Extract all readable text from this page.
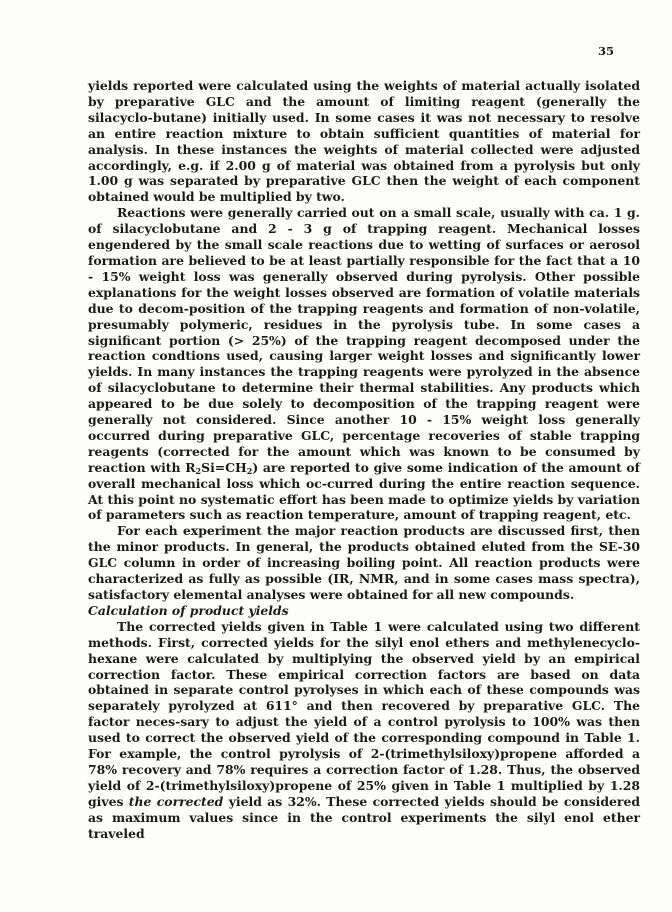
35

yields reported were calculated using the weights of material actually isolated by preparative GLC and the amount of limiting reagent (generally the silacyclo-butane) initially used. In some cases it was not necessary to resolve an entire reaction mixture to obtain sufficient quantities of material for analysis. In these instances the weights of material collected were adjusted accordingly, e.g. if 2.00 g of material was obtained from a pyrolysis but only 1.00 g was separated by preparative GLC then the weight of each component obtained would be multiplied by two.

Reactions were generally carried out on a small scale, usually with ca. 1 g. of silacyclobutane and 2 - 3 g of trapping reagent. Mechanical losses engendered by the small scale reactions due to wetting of surfaces or aerosol formation are believed to be at least partially responsible for the fact that a 10 - 15% weight loss was generally observed during pyrolysis. Other possible explanations for the weight losses observed are formation of volatile materials due to decom-position of the trapping reagents and formation of non-volatile, presumably polymeric, residues in the pyrolysis tube. In some cases a significant portion (> 25%) of the trapping reagent decomposed under the reaction condtions used, causing larger weight losses and significantly lower yields. In many instances the trapping reagents were pyrolyzed in the absence of silacyclobutane to determine their thermal stabilities. Any products which appeared to be due solely to decomposition of the trapping reagent were generally not considered. Since another 10 - 15% weight loss generally occurred during preparative GLC, percentage recoveries of stable trapping reagents (corrected for the amount which was known to be consumed by reaction with $R_2Si=CH_2$) are reported to give some indication of the amount of overall mechanical loss which oc-curred during the entire reaction sequence. At this point no systematic effort has been made to optimize yields by variation of parameters such as reaction temperature, amount of trapping reagent, etc.

For each experiment the major reaction products are discussed first, then the minor products. In general, the products obtained eluted from the SE-30 GLC column in order of increasing boiling point. All reaction products were characterized as fully as possible (IR, NMR, and in some cases mass spectra), satisfactory elemental analyses were obtained for all new compounds.

Calculation of product yields

The corrected yields given in Table 1 were calculated using two different methods. First, corrected yields for the silyl enol ethers and methylenecyclo-hexane were calculated by multiplying the observed yield by an empirical correction factor. These empirical correction factors are based on data obtained in separate control pyrolyses in which each of these compounds was separately pyrolyzed at 611° and then recovered by preparative GLC. The factor neces-sary to adjust the yield of a control pyrolysis to 100% was then used to correct the observed yield of the corresponding compound in Table 1. For example, the control pyrolysis of 2-(trimethylsiloxy)propene afforded a 78% recovery and 78% requires a correction factor of 1.28. Thus, the observed yield of 2-(trimethylsiloxy)propene of 25% given in Table 1 multiplied by 1.28 gives the corrected yield as 32%. These corrected yields should be considered as maximum values since in the control experiments the silyl enol ether traveled
